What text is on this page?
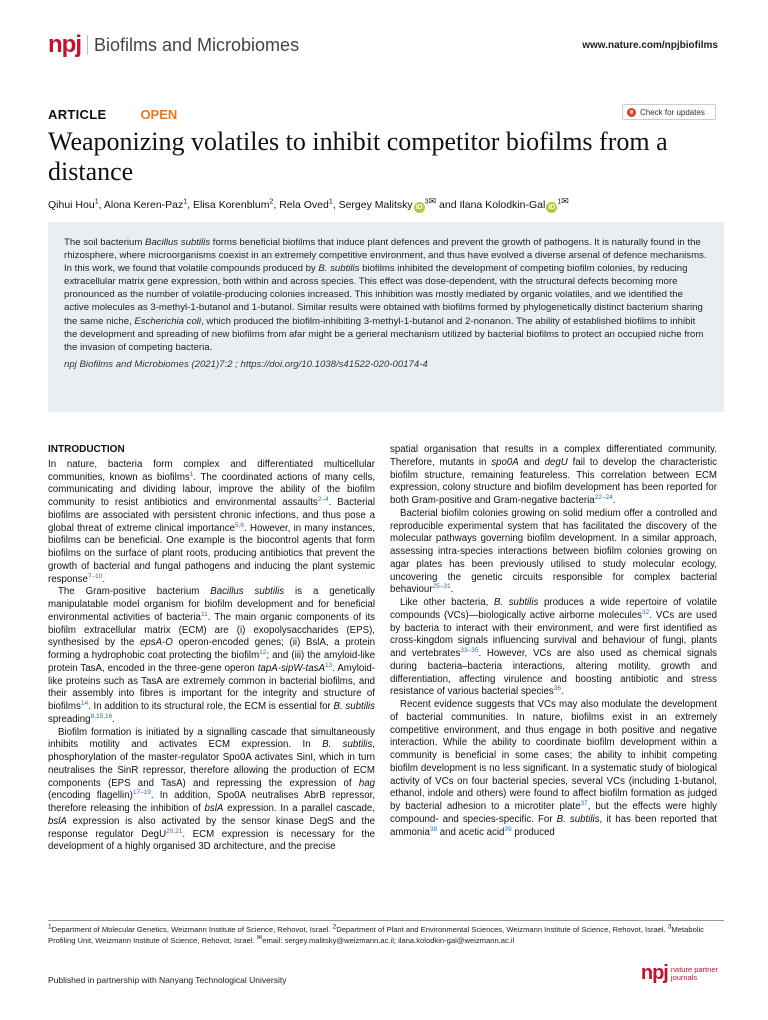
npj Biofilms and Microbiomes	www.nature.com/npjbiofilms
ARTICLE	OPEN	Check for updates
Weaponizing volatiles to inhibit competitor biofilms from a distance
Qihui Hou$^1$, Alona Keren-Paz$^1$, Elisa Korenblum$^2$, Rela Oved$^1$, Sergey Malitsky $iD^3✉$ and Ilana Kolodkin-Gal $iD^1✉$

The soil bacterium Bacillus subtilis forms beneficial biofilms that induce plant defences and prevent the growth of pathogens. It is naturally found in the rhizosphere, where microorganisms coexist in an extremely competitive environment, and thus have evolved a diverse arsenal of defence mechanisms. In this work, we found that volatile compounds produced by B. subtilis biofilms inhibited the development of competing biofilm colonies, by reducing extracellular matrix gene expression, both within and across species. This effect was dose-dependent, with the structural defects becoming more pronounced as the number of volatile-producing colonies increased. This inhibition was mostly mediated by organic volatiles, and we identified the active molecules as 3-methyl-1-butanol and 1-butanol. Similar results were obtained with biofilms formed by phylogenetically distinct bacterium sharing the same niche, Escherichia coli, which produced the biofilm-inhibiting 3-methyl-1-butanol and 2-nonanon. The ability of established biofilms to inhibit the development and spreading of new biofilms from afar might be a general mechanism utilized by bacterial biofilms to protect an occupied niche from the invasion of competing bacteria.

npj Biofilms and Microbiomes (2021)7:2 ; https://doi.org/10.1038/s41522-020-00174-4

INTRODUCTION

In nature, bacteria form complex and differentiated multicellular communities, known as biofilms$^1$. The coordinated actions of many cells, communicating and dividing labour, improve the ability of the biofilm community to resist antibiotics and environmental assaults$^{2-4}$. Bacterial biofilms are associated with persistent chronic infections, and thus pose a global threat of extreme clinical importance$^{5,6}$. However, in many instances, biofilms can be beneficial. One example is the biocontrol agents that form biofilms on the surface of plant roots, producing antibiotics that prevent the growth of bacterial and fungal pathogens and inducing the plant systemic response$^{7-10}$.

The Gram-positive bacterium Bacillus subtilis is a genetically manipulatable model organism for biofilm development and for beneficial environmental activities of bacteria$^{11}$. The main organic components of its biofilm extracellular matrix (ECM) are (i) exopolysaccharides (EPS), synthesised by the epsA-O operon-encoded genes; (ii) BslA, a protein forming a hydrophobic coat protecting the biofilm$^{12}$; and (iii) the amyloid-like protein TasA, encoded in the three-gene operon tapA-sipW-tasA$^{13}$. Amyloid-like proteins such as TasA are extremely common in bacterial biofilms, and their assembly into fibres is important for the integrity and structure of biofilms$^{14}$. In addition to its structural role, the ECM is essential for B. subtilis spreading$^{8,15,16}$.

Biofilm formation is initiated by a signalling cascade that simultaneously inhibits motility and activates ECM expression. In B. subtilis, phosphorylation of the master-regulator Spo0A activates SinI, which in turn neutralises the SinR repressor, therefore allowing the production of ECM components (EPS and TasA) and repressing the expression of hag (encoding flagellin)$^{17-19}$. In addition, Spo0A neutralises AbrB repressor, therefore releasing the inhibition of bslA expression. In a parallel cascade, bslA expression is also activated by the sensor kinase DegS and the response regulator DegU$^{20,21}$. ECM expression is necessary for the development of a highly organised 3D architecture, and the precise

spatial organisation that results in a complex differentiated community. Therefore, mutants in spo0A and degU fail to develop the characteristic biofilm structure, remaining featureless. This correlation between ECM expression, colony structure and biofilm development has been reported for both Gram-positive and Gram-negative bacteria$^{22-24}$.

Bacterial biofilm colonies growing on solid medium offer a controlled and reproducible experimental system that has facilitated the discovery of the molecular pathways governing biofilm development. In a similar approach, assessing intra-species interactions between biofilm colonies growing on agar plates has been previously utilised to study molecular ecology, uncovering the genetic circuits responsible for complex bacterial behaviour$^{25-31}$.

Like other bacteria, B. subtilis produces a wide repertoire of volatile compounds (VCs)—biologically active airborne molecules$^{32}$. VCs are used by bacteria to interact with their environment, and were first identified as cross-kingdom signals influencing survival and behaviour of fungi, plants and vertebrates$^{33-35}$. However, VCs are also used as chemical signals during bacteria–bacteria interactions, altering motility, growth and differentiation, affecting virulence and boosting antibiotic and stress resistance of various bacterial species$^{36}$.

Recent evidence suggests that VCs may also modulate the development of bacterial communities. In nature, biofilms exist in an extremely competitive environment, and thus engage in both positive and negative interaction. While the ability to coordinate biofilm development within a community is beneficial in some cases; the ability to inhibit competing biofilm development is no less significant. In a systematic study of biological activity of VCs on four bacterial species, several VCs (including 1-butanol, ethanol, indole and others) were found to affect biofilm formation as judged by bacterial adhesion to a microtiter plate$^{37}$, but the effects were highly compound- and species-specific. For B. subtilis, it has been reported that ammonia$^{38}$ and acetic acid$^{39}$ produced

$^1$Department of Molecular Genetics, Weizmann Institute of Science, Rehovot, Israel. $^2$Department of Plant and Environmental Sciences, Weizmann Institute of Science, Rehovot, Israel. $^3$Metabolic Profiling Unit, Weizmann Institute of Science, Rehovot, Israel. ✉email: sergey.malitsky@weizmann.ac.il; ilana.kolodkin-gal@weizmann.ac.il
Published in partnership with Nanyang Technological University	npj nature partner
journals
